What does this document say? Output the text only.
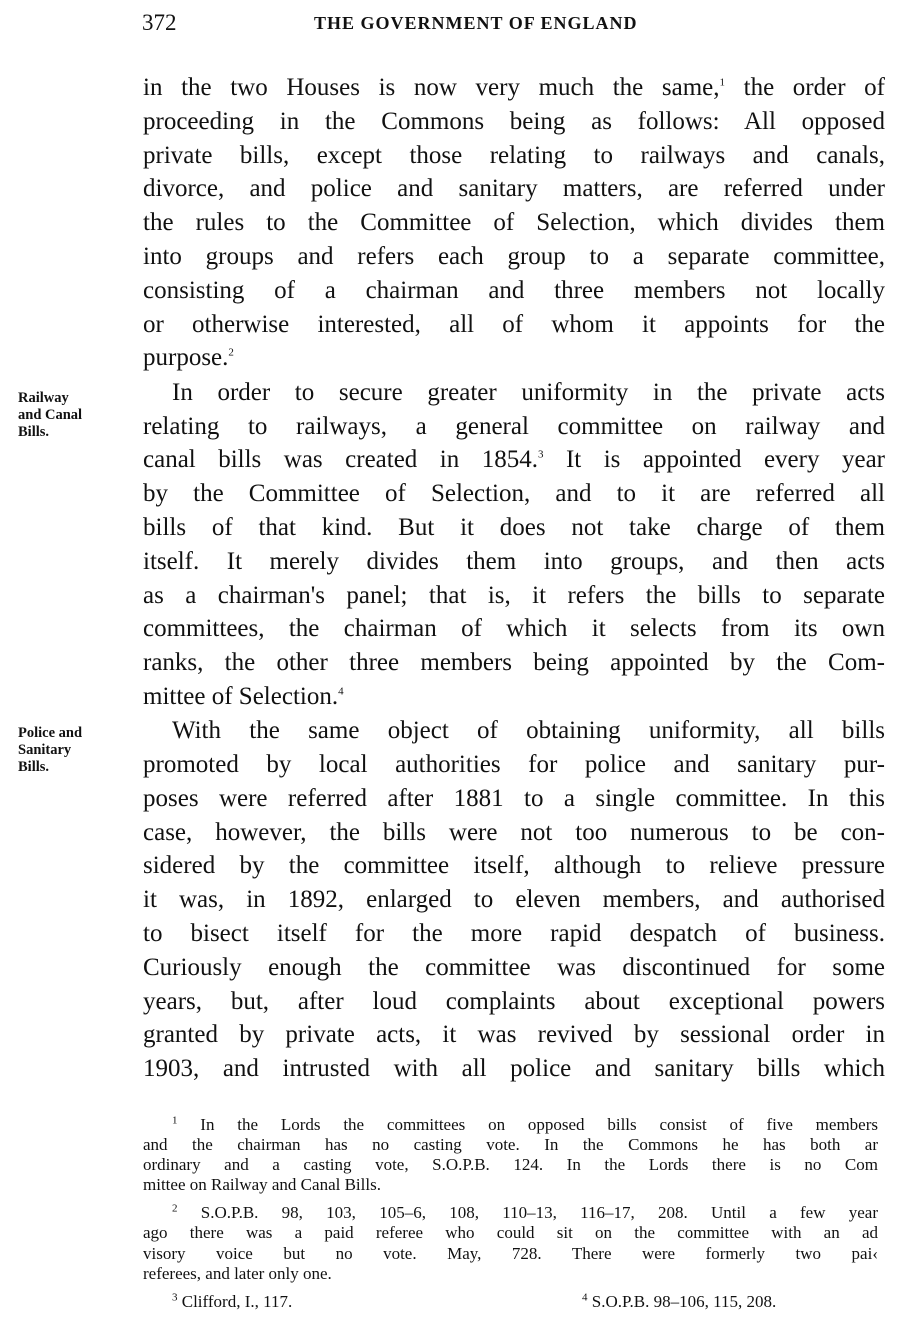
372	THE GOVERNMENT OF ENGLAND
in the two Houses is now very much the same,$^1$ the order of
proceeding in the Commons being as follows: All opposed
private bills, except those relating to railways and canals,
divorce, and police and sanitary matters, are referred under
the rules to the Committee of Selection, which divides them
into groups and refers each group to a separate committee,
consisting of a chairman and three members not locally
or otherwise interested, all of whom it appoints for the
purpose.$^2$
In order to secure greater uniformity in the private acts
relating to railways, a general committee on railway and
canal bills was created in 1854.$^3$ It is appointed every year
by the Committee of Selection, and to it are referred all
bills of that kind. But it does not take charge of them
itself. It merely divides them into groups, and then acts
as a chairman's panel; that is, it refers the bills to separate
committees, the chairman of which it selects from its own
ranks, the other three members being appointed by the Com-
mittee of Selection.$^4$
With the same object of obtaining uniformity, all bills
promoted by local authorities for police and sanitary pur-
poses were referred after 1881 to a single committee. In this
case, however, the bills were not too numerous to be con-
sidered by the committee itself, although to relieve pressure
it was, in 1892, enlarged to eleven members, and authorised
to bisect itself for the more rapid despatch of business.
Curiously enough the committee was discontinued for some
years, but, after loud complaints about exceptional powers
granted by private acts, it was revived by sessional order in
1903, and intrusted with all police and sanitary bills which
Railway
and Canal
Bills.
Police and
Sanitary
Bills.
$^1$ In the Lords the committees on opposed bills consist of five members
and the chairman has no casting vote. In the Commons he has both ar
ordinary and a casting vote, S.O.P.B. 124. In the Lords there is no Com
mittee on Railway and Canal Bills.
$^2$ S.O.P.B. 98, 103, 105–6, 108, 110–13, 116–17, 208. Until a few year
ago there was a paid referee who could sit on the committee with an ad
visory voice but no vote. May, 728. There were formerly two pai‹
referees, and later only one.
$^3$ Clifford, I., 117.	$^4$ S.O.P.B. 98–106, 115, 208.
